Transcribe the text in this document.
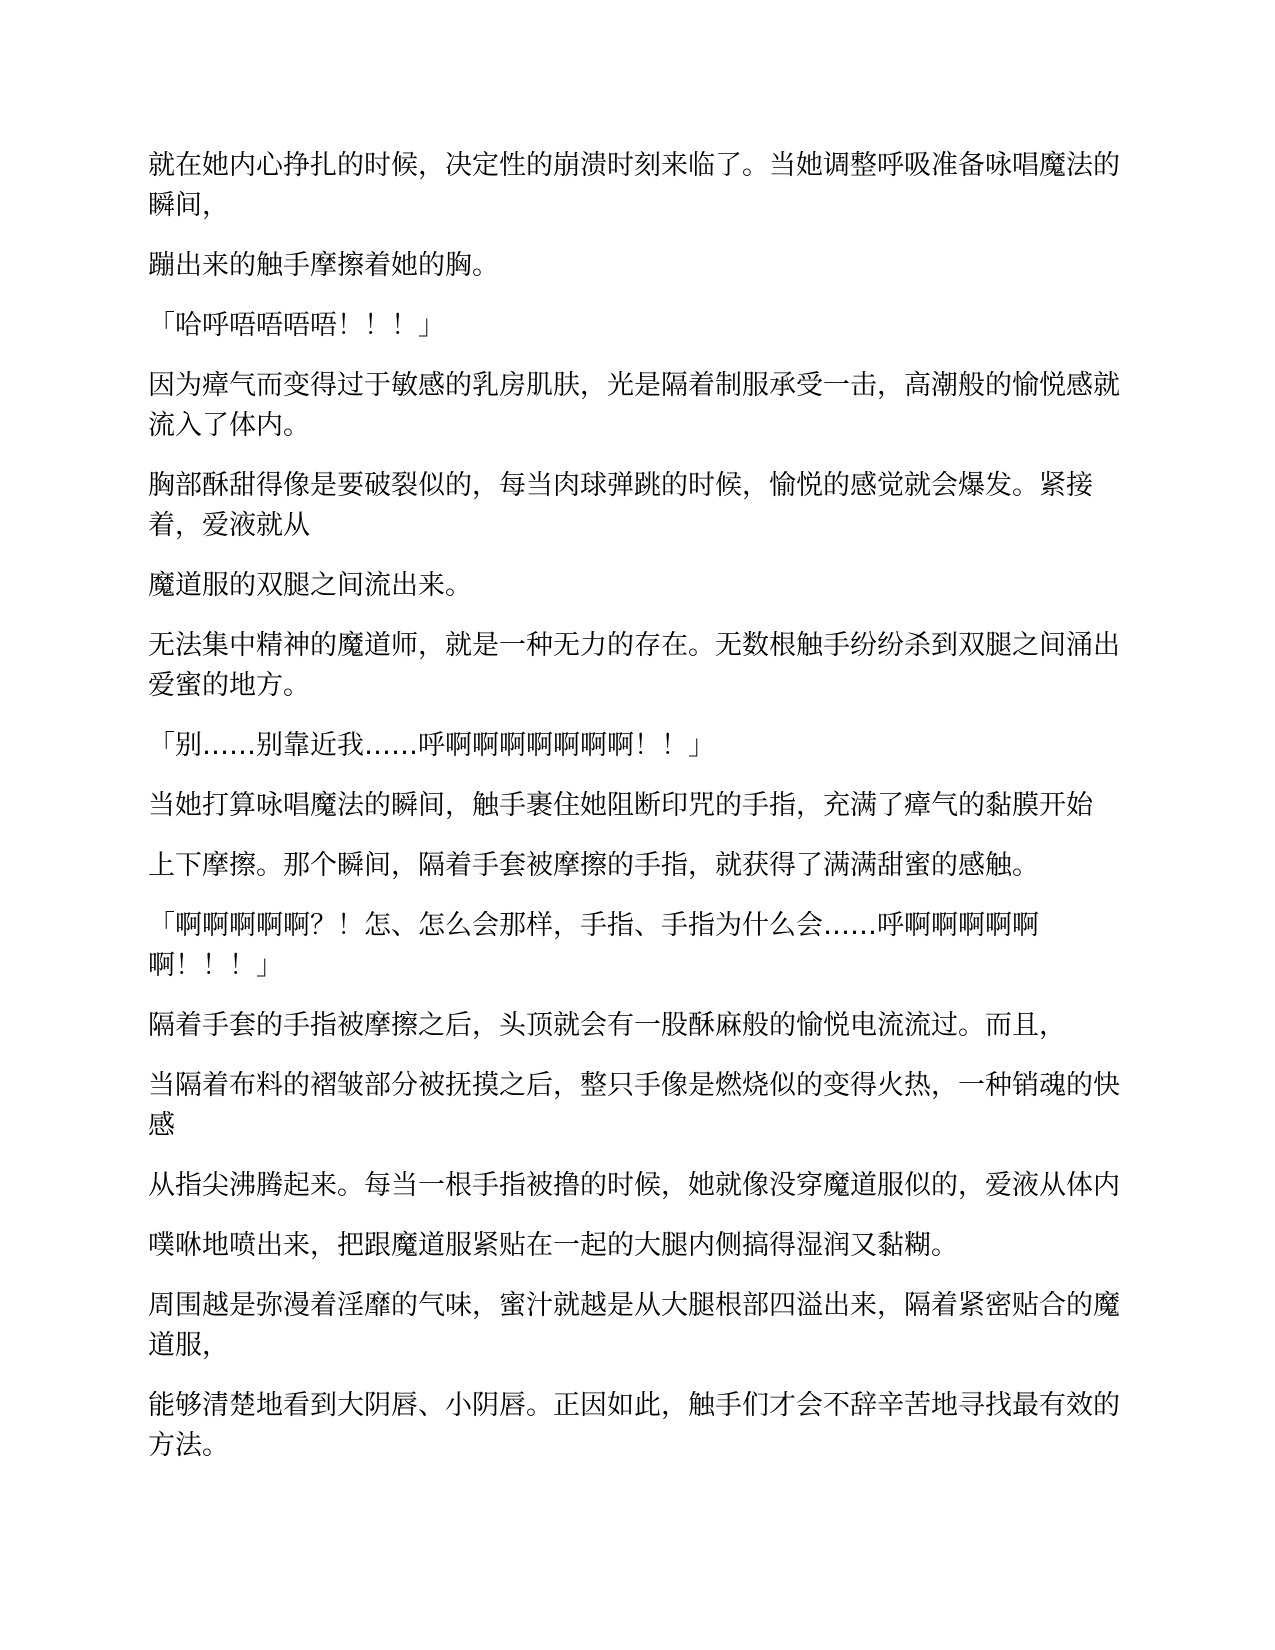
就在她内心挣扎的时候，决定性的崩溃时刻来临了。当她调整呼吸准备咏唱魔法的
瞬间，
蹦出来的触手摩擦着她的胸。
「哈呼唔唔唔唔！！！」
因为瘴气而变得过于敏感的乳房肌肤，光是隔着制服承受一击，高潮般的愉悦感就
流入了体内。
胸部酥甜得像是要破裂似的，每当肉球弹跳的时候，愉悦的感觉就会爆发。紧接
着，爱液就从
魔道服的双腿之间流出来。
无法集中精神的魔道师，就是一种无力的存在。无数根触手纷纷杀到双腿之间涌出
爱蜜的地方。
「别……别靠近我……呼啊啊啊啊啊啊啊！！」
当她打算咏唱魔法的瞬间，触手裹住她阻断印咒的手指，充满了瘴气的黏膜开始
上下摩擦。那个瞬间，隔着手套被摩擦的手指，就获得了满满甜蜜的感触。
「啊啊啊啊啊？！怎、怎么会那样，手指、手指为什么会……呼啊啊啊啊啊
啊！！！」
隔着手套的手指被摩擦之后，头顶就会有一股酥麻般的愉悦电流流过。而且，
当隔着布料的褶皱部分被抚摸之后，整只手像是燃烧似的变得火热，一种销魂的快
感
从指尖沸腾起来。每当一根手指被撸的时候，她就像没穿魔道服似的，爱液从体内
噗咻地喷出来，把跟魔道服紧贴在一起的大腿内侧搞得湿润又黏糊。
周围越是弥漫着淫靡的气味，蜜汁就越是从大腿根部四溢出来，隔着紧密贴合的魔
道服，
能够清楚地看到大阴唇、小阴唇。正因如此，触手们才会不辞辛苦地寻找最有效的
方法。
